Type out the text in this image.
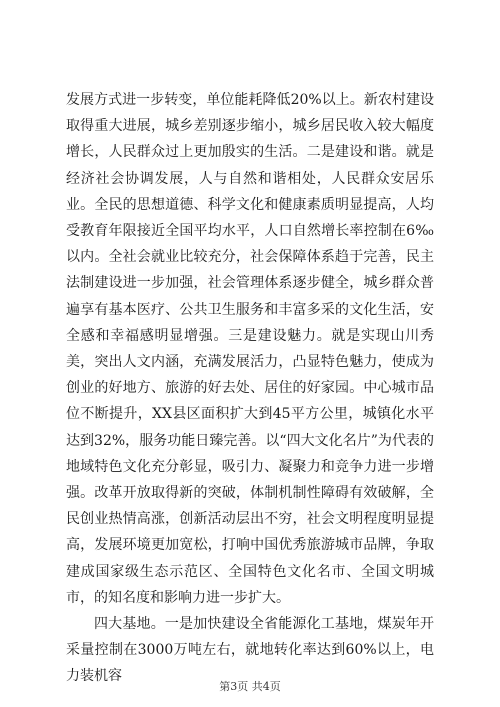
发展方式进一步转变，单位能耗降低20%以上。新农村建设取得重大进展，城乡差别逐步缩小，城乡居民收入较大幅度增长，人民群众过上更加殷实的生活。二是建设和谐。就是经济社会协调发展，人与自然和谐相处，人民群众安居乐业。全民的思想道德、科学文化和健康素质明显提高，人均受教育年限接近全国平均水平，人口自然增长率控制在6‰以内。全社会就业比较充分，社会保障体系趋于完善，民主法制建设进一步加强，社会管理体系逐步健全，城乡群众普遍享有基本医疗、公共卫生服务和丰富多采的文化生活，安全感和幸福感明显增强。三是建设魅力。就是实现山川秀美，突出人文内涵，充满发展活力，凸显特色魅力，使成为创业的好地方、旅游的好去处、居住的好家园。中心城市品位不断提升，XX县区面积扩大到45平方公里，城镇化水平达到32%，服务功能日臻完善。以“四大文化名片”为代表的地域特色文化充分彰显，吸引力、凝聚力和竞争力进一步增强。改革开放取得新的突破，体制机制性障碍有效破解，全民创业热情高涨，创新活动层出不穷，社会文明程度明显提高，发展环境更加宽松，打响中国优秀旅游城市品牌，争取建成国家级生态示范区、全国特色文化名市、全国文明城市，的知名度和影响力进一步扩大。

四大基地。一是加快建设全省能源化工基地，煤炭年开采量控制在3000万吨左右，就地转化率达到60%以上，电力装机容

第3页 共4页
